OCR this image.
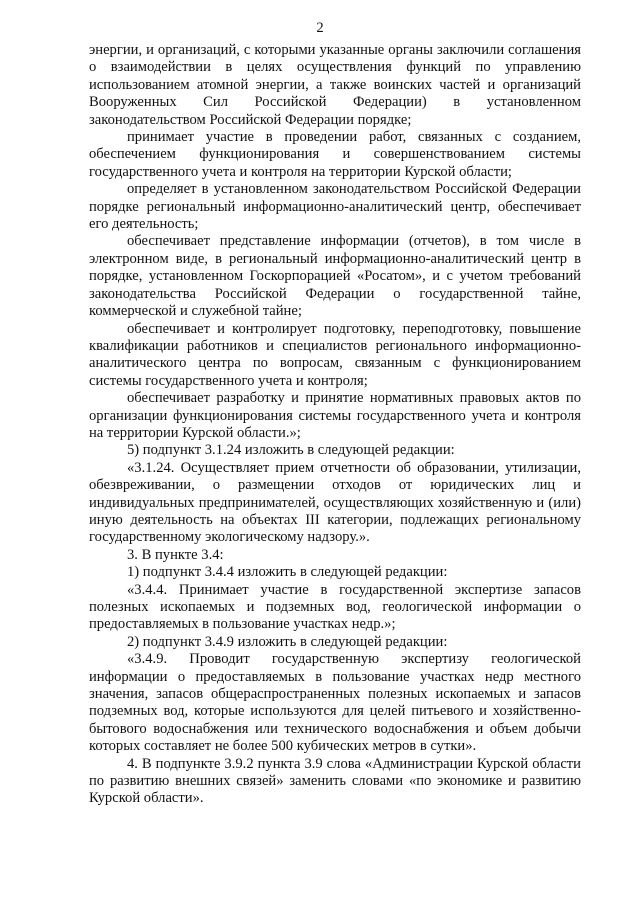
2

энергии, и организаций, с которыми указанные органы заключили соглашения о взаимодействии в целях осуществления функций по управлению использованием атомной энергии, а также воинских частей и организаций Вооруженных Сил Российской Федерации) в установленном законодательством Российской Федерации порядке;

принимает участие в проведении работ, связанных с созданием, обеспечением функционирования и совершенствованием системы государственного учета и контроля на территории Курской области;

определяет в установленном законодательством Российской Федерации порядке региональный информационно-аналитический центр, обеспечивает его деятельность;

обеспечивает представление информации (отчетов), в том числе в электронном виде, в региональный информационно-аналитический центр в порядке, установленном Госкорпорацией «Росатом», и с учетом требований законодательства Российской Федерации о государственной тайне, коммерческой и служебной тайне;

обеспечивает и контролирует подготовку, переподготовку, повышение квалификации работников и специалистов регионального информационно-аналитического центра по вопросам, связанным с функционированием системы государственного учета и контроля;

обеспечивает разработку и принятие нормативных правовых актов по организации функционирования системы государственного учета и контроля на территории Курской области.»;

5) подпункт 3.1.24 изложить в следующей редакции:

«3.1.24. Осуществляет прием отчетности об образовании, утилизации, обезвреживании, о размещении отходов от юридических лиц и индивидуальных предпринимателей, осуществляющих хозяйственную и (или) иную деятельность на объектах III категории, подлежащих региональному государственному экологическому надзору.».

3. В пункте 3.4:

1) подпункт 3.4.4 изложить в следующей редакции:

«3.4.4. Принимает участие в государственной экспертизе запасов полезных ископаемых и подземных вод, геологической информации о предоставляемых в пользование участках недр.»;

2) подпункт 3.4.9 изложить в следующей редакции:

«3.4.9. Проводит государственную экспертизу геологической информации о предоставляемых в пользование участках недр местного значения, запасов общераспространенных полезных ископаемых и запасов подземных вод, которые используются для целей питьевого и хозяйственно-бытового водоснабжения или технического водоснабжения и объем добычи которых составляет не более 500 кубических метров в сутки».

4. В подпункте 3.9.2 пункта 3.9 слова «Администрации Курской области по развитию внешних связей» заменить словами «по экономике и развитию Курской области».
